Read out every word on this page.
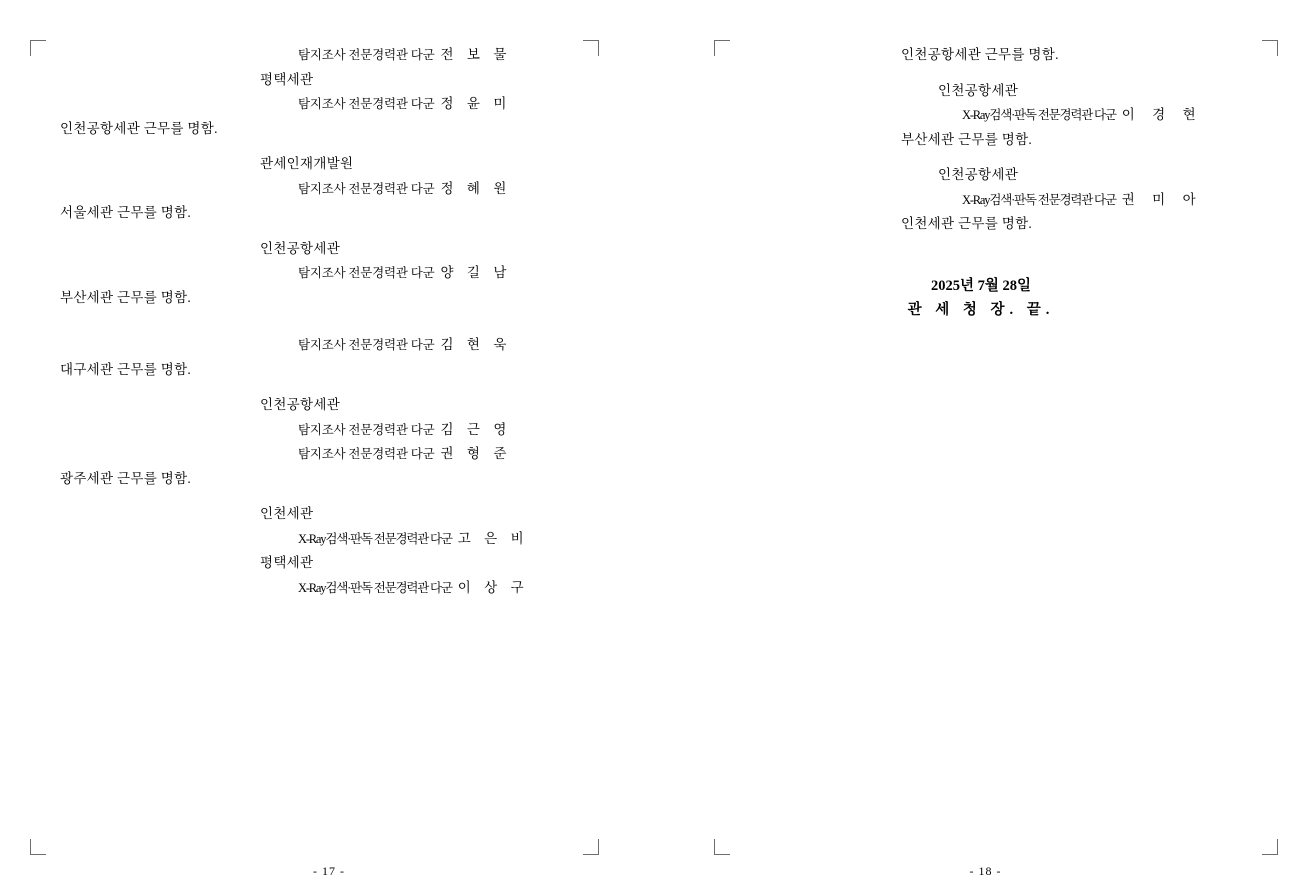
탐지조사 전문경력관 다군 전 보 물
평택세관
탐지조사 전문경력관 다군 정 윤 미
인천공항세관 근무를 명함.
관세인재개발원
탐지조사 전문경력관 다군 정 혜 원
서울세관 근무를 명함.
인천공항세관
탐지조사 전문경력관 다군 양 길 남
부산세관 근무를 명함.
탐지조사 전문경력관 다군 김 현 욱
대구세관 근무를 명함.
인천공항세관
탐지조사 전문경력관 다군 김 근 영
탐지조사 전문경력관 다군 권 형 준
광주세관 근무를 명함.
인천세관
X-Ray검색·판독 전문경력관 다군 고 은 비
평택세관
X-Ray검색·판독 전문경력관 다군 이 상 구
- 17 -
인천공항세관 근무를 명함.
인천공항세관
X-Ray검색·판독 전문경력관 다군 이 경 현
부산세관 근무를 명함.
인천공항세관
X-Ray검색·판독 전문경력관 다군 권 미 아
인천세관 근무를 명함.
2025년 7월 28일
관 세 청 장. 끝.
- 18 -
